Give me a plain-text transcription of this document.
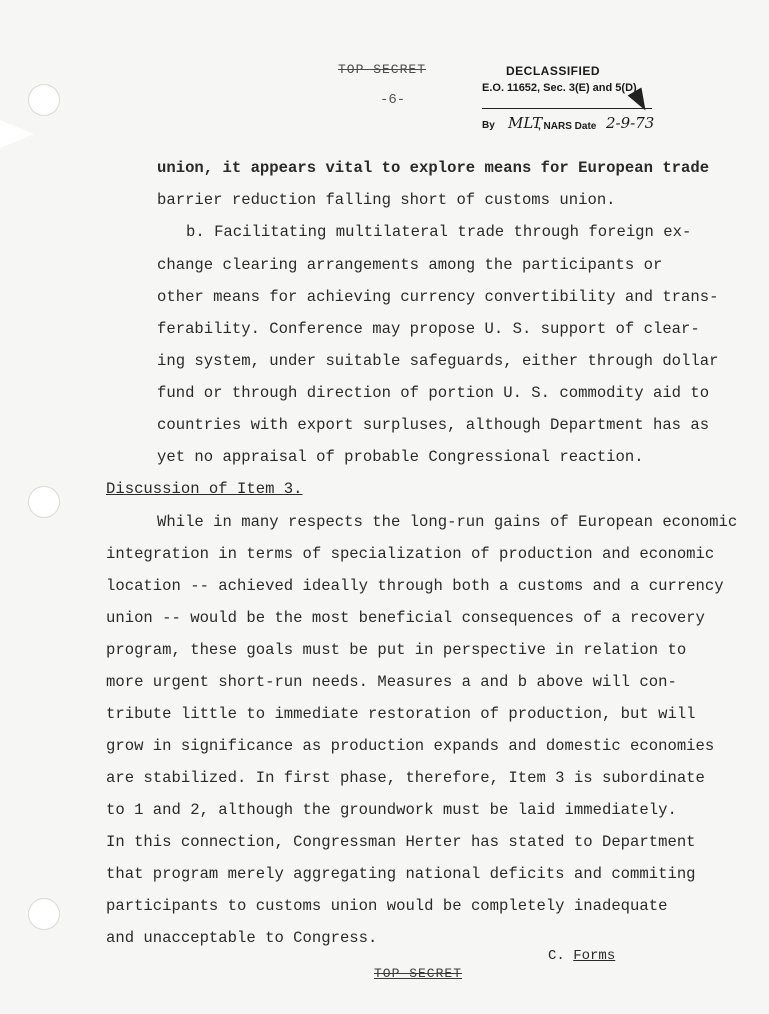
TOP SECRET
-6-
DECLASSIFIED
E.O. 11652, Sec. 3(E) and 5(D)
By MLT
, NARS Date 2-9-73
union, it appears vital to explore means for European trade
barrier reduction falling short of customs union.
b. Facilitating multilateral trade through foreign ex-
change clearing arrangements among the participants or
other means for achieving currency convertibility and trans-
ferability. Conference may propose U. S. support of clear-
ing system, under suitable safeguards, either through dollar
fund or through direction of portion U. S. commodity aid to
countries with export surpluses, although Department has as
yet no appraisal of probable Congressional reaction.
Discussion of Item 3.
While in many respects the long-run gains of European economic
integration in terms of specialization of production and economic
location -- achieved ideally through both a customs and a currency
union -- would be the most beneficial consequences of a recovery
program, these goals must be put in perspective in relation to
more urgent short-run needs. Measures a and b above will con-
tribute little to immediate restoration of production, but will
grow in significance as production expands and domestic economies
are stabilized. In first phase, therefore, Item 3 is subordinate
to 1 and 2, although the groundwork must be laid immediately.
In this connection, Congressman Herter has stated to Department
that program merely aggregating national deficits and commiting
participants to customs union would be completely inadequate
and unacceptable to Congress.
C. Forms
TOP SECRET
